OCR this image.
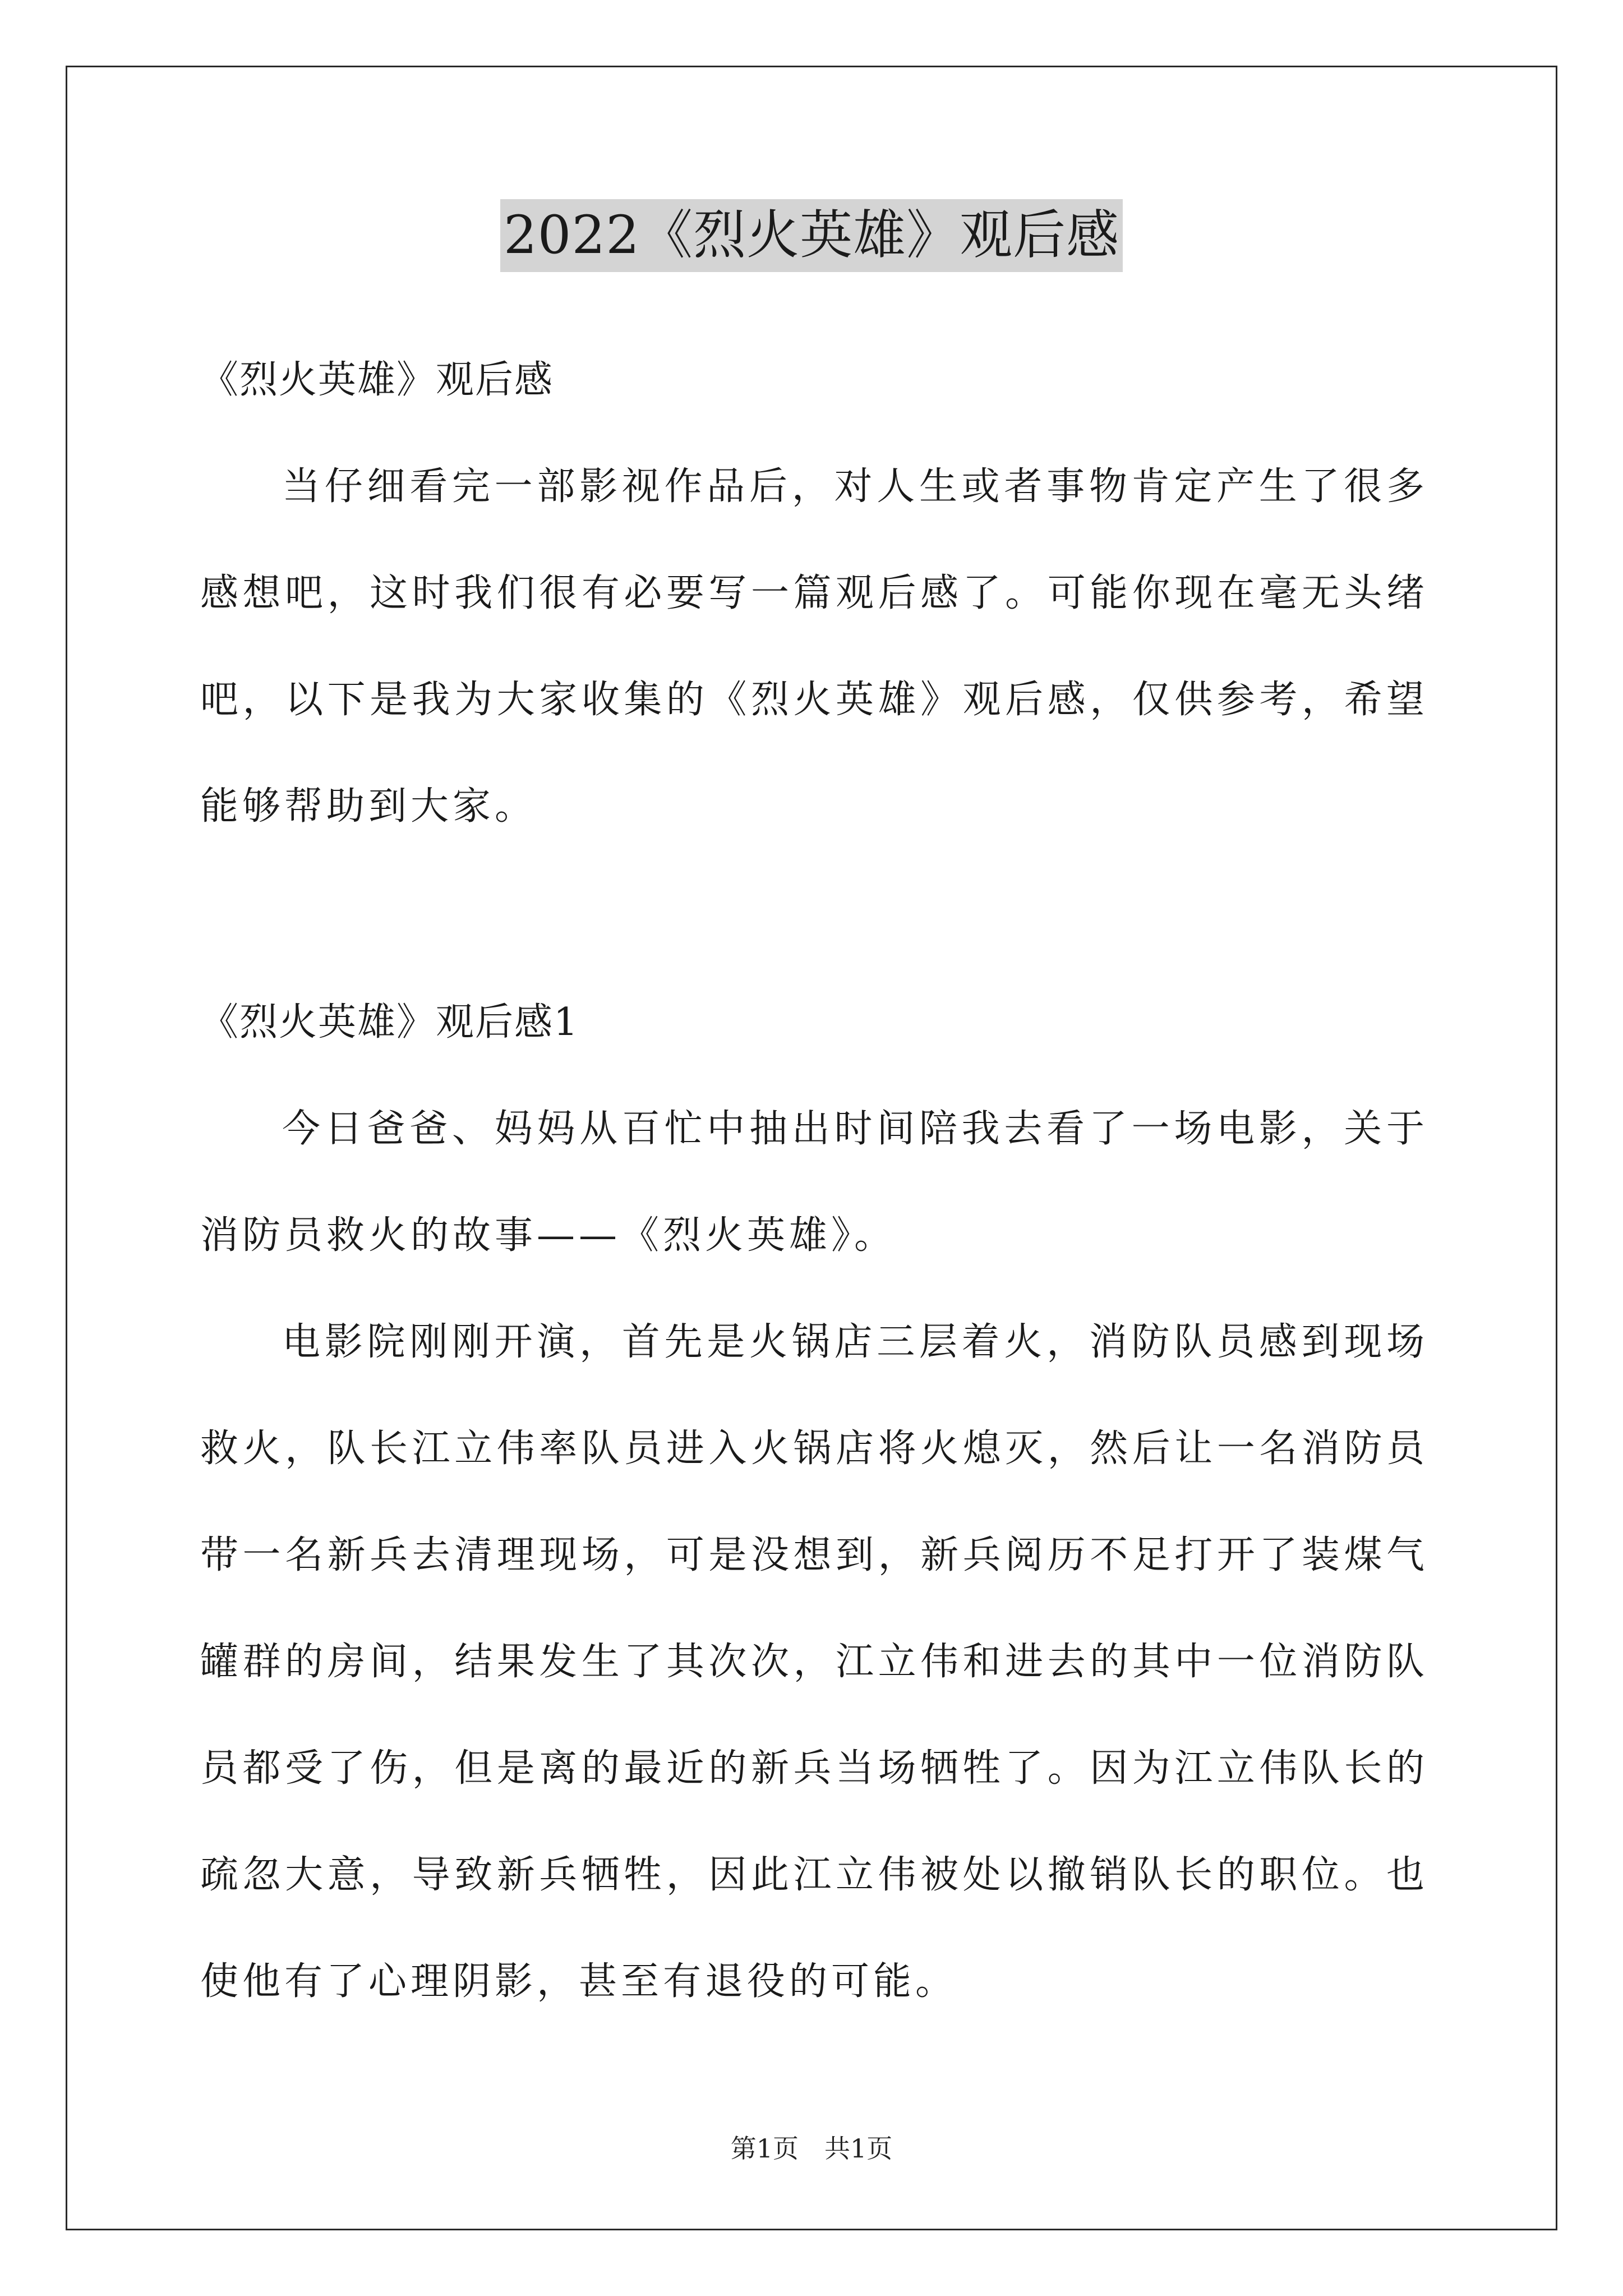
2022《烈火英雄》观后感
《烈火英雄》观后感

当仔细看完一部影视作品后，对人生或者事物肯定产生了很多感想吧，这时我们很有必要写一篇观后感了。可能你现在毫无头绪吧，以下是我为大家收集的《烈火英雄》观后感，仅供参考，希望能够帮助到大家。

《烈火英雄》观后感1

今日爸爸、妈妈从百忙中抽出时间陪我去看了一场电影，关于消防员救火的故事——《烈火英雄》。

电影院刚刚开演，首先是火锅店三层着火，消防队员感到现场救火，队长江立伟率队员进入火锅店将火熄灭，然后让一名消防员带一名新兵去清理现场，可是没想到，新兵阅历不足打开了装煤气罐群的房间，结果发生了其次次，江立伟和进去的其中一位消防队员都受了伤，但是离的最近的新兵当场牺牲了。因为江立伟队长的疏忽大意，导致新兵牺牲，因此江立伟被处以撤销队长的职位。也使他有了心理阴影，甚至有退役的可能。

第1页　共1页
